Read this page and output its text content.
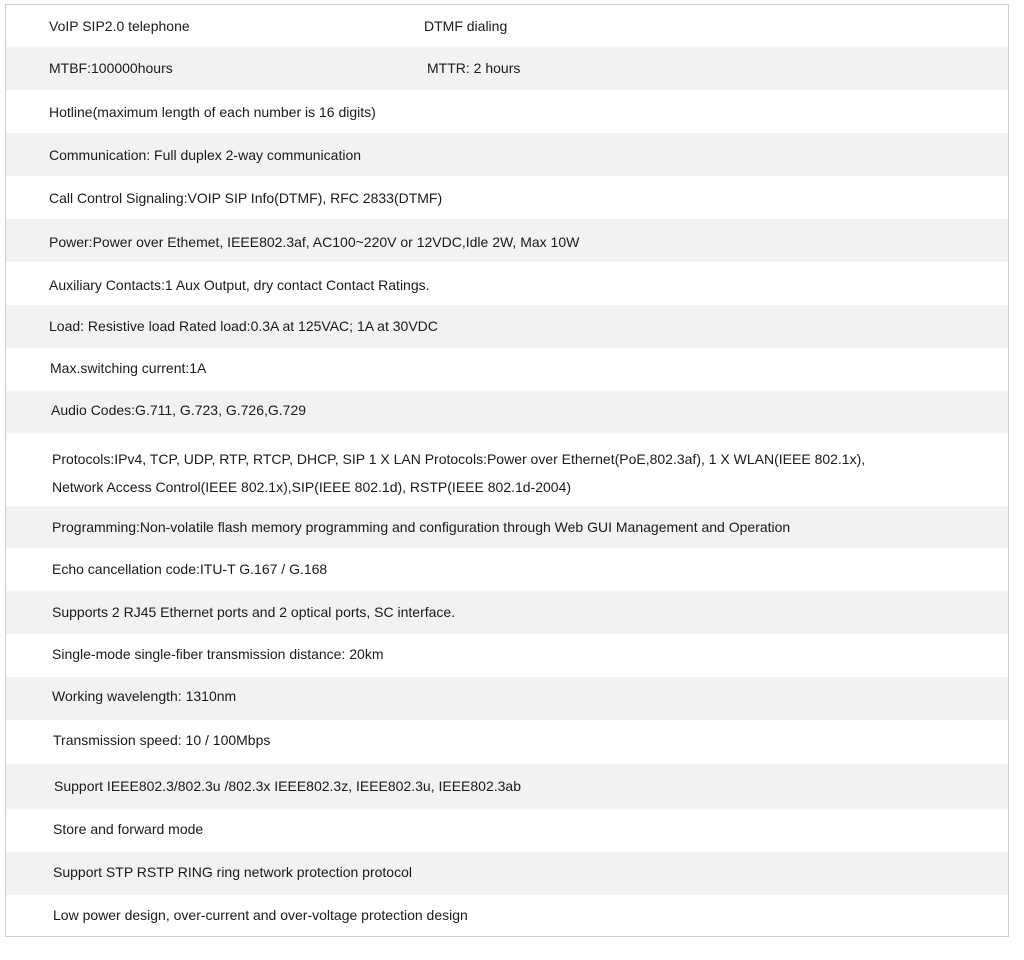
VoIP SIP2.0 telephone	DTMF dialing
MTBF:100000hours	MTTR: 2 hours
Hotline(maximum length of each number is 16 digits)
Communication: Full duplex 2-way communication
Call Control Signaling:VOIP SIP Info(DTMF), RFC 2833(DTMF)
Power:Power over Ethemet, IEEE802.3af, AC100~220V or 12VDC,Idle 2W, Max 10W
Auxiliary Contacts:1 Aux Output, dry contact Contact Ratings.
Load: Resistive load Rated load:0.3A at 125VAC; 1A at 30VDC
Max.switching current:1A
Audio Codes:G.711, G.723, G.726,G.729
Protocols:IPv4, TCP, UDP, RTP, RTCP, DHCP, SIP 1 X LAN Protocols:Power over Ethernet(PoE,802.3af), 1 X WLAN(IEEE 802.1x),
Network Access Control(IEEE 802.1x),SIP(IEEE 802.1d), RSTP(IEEE 802.1d-2004)
Programming:Non-volatile flash memory programming and configuration through Web GUI Management and Operation
Echo cancellation code:ITU-T G.167 / G.168
Supports 2 RJ45 Ethernet ports and 2 optical ports, SC interface.
Single-mode single-fiber transmission distance: 20km
Working wavelength: 1310nm
Transmission speed: 10 / 100Mbps
Support IEEE802.3/802.3u /802.3x IEEE802.3z, IEEE802.3u, IEEE802.3ab
Store and forward mode
Support STP RSTP RING ring network protection protocol
Low power design, over-current and over-voltage protection design
